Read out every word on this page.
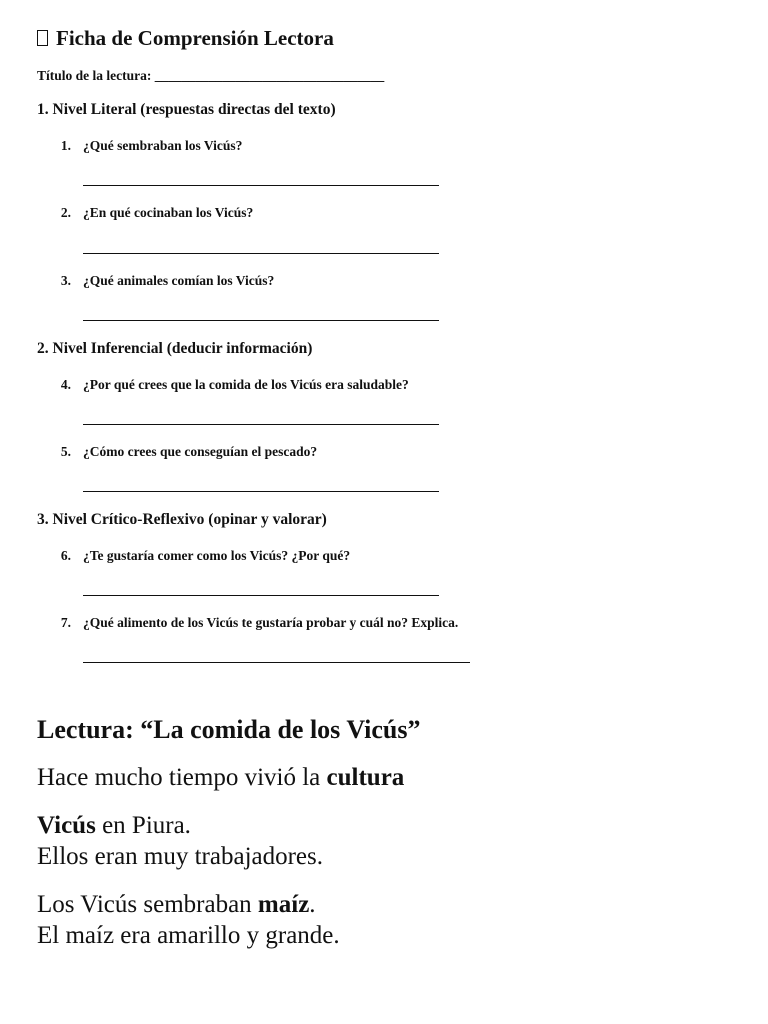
Ficha de Comprensión Lectora
Título de la lectura: __________________________________
1. Nivel Literal (respuestas directas del texto)
1. ¿Qué sembraban los Vicús?
2. ¿En qué cocinaban los Vicús?
3. ¿Qué animales comían los Vicús?
2. Nivel Inferencial (deducir información)
4. ¿Por qué crees que la comida de los Vicús era saludable?
5. ¿Cómo crees que conseguían el pescado?
3. Nivel Crítico-Reflexivo (opinar y valorar)
6. ¿Te gustaría comer como los Vicús? ¿Por qué?
7. ¿Qué alimento de los Vicús te gustaría probar y cuál no? Explica.
Lectura: “La comida de los Vicús”
Hace mucho tiempo vivió la cultura
Vicús en Piura.
Ellos eran muy trabajadores.
Los Vicús sembraban maíz.
El maíz era amarillo y grande.
